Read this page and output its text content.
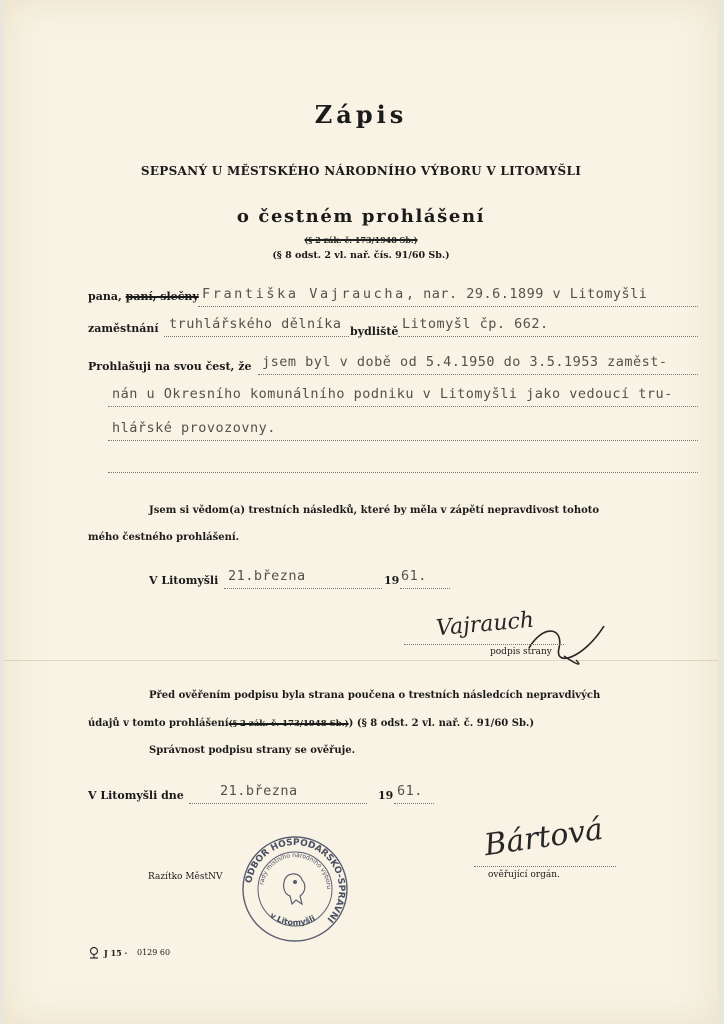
Zápis
SEPSANÝ U MĚSTSKÉHO NÁRODNÍHO VÝBORU V LITOMYŠLI
o čestném prohlášení
(§ 2 zák. č. 173/1948 Sb.)
(§ 8 odst. 2 vl. nař. čís. 91/60 Sb.)
pana, paní, slečny Františka Vajraucha, nar. 29.6.1899 v Litomyšli
zaměstnání truhlářského dělníka bydliště Litomyšl čp. 662.
Prohlašuji na svou čest, že jsem byl v době od 5.4.1950 do 3.5.1953 zaměst-
nán u Okresního komunálního podniku v Litomyšli jako vedoucí tru-
hlářské provozovny.
Jsem si vědom(a) trestních následků, které by měla v zápětí nepravdivost tohoto
mého čestného prohlášení.
V Litomyšli 21.března	19 61.
Vajrauch
podpis strany
Před ověřením podpisu byla strana poučena o trestních následcích nepravdivých
údajů v tomto prohlášení(§ 2 zák. č. 173/1948 Sb.)) (§ 8 odst. 2 vl. nař. č. 91/60 Sb.)
Správnost podpisu strany se ověřuje.
V Litomyšli dne	21.března	19 61.
Razítko MěstNV ODBOR HOSPODÁŘSKO-SPRÁVNÍ
rady místního národního výboru
v Litomyšli
Bártová
ověřující orgán.
J 15 · 0129 60
